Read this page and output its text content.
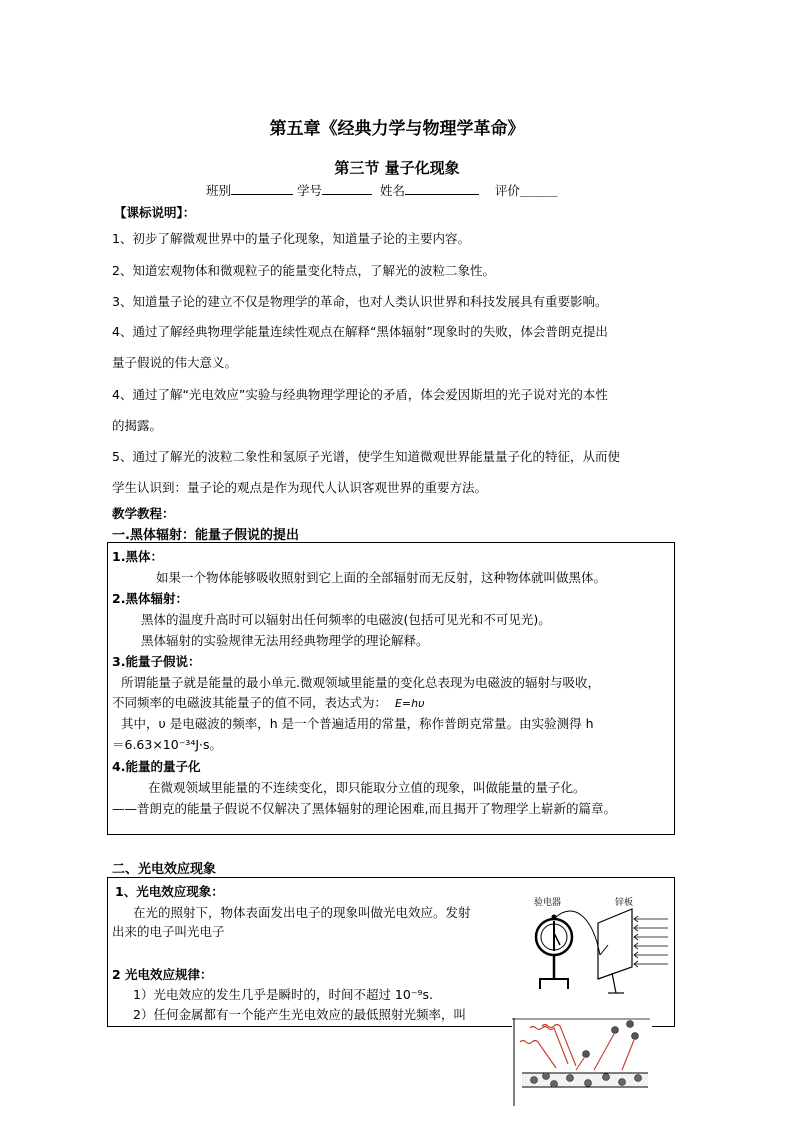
第五章《经典力学与物理学革命》
第三节 量子化现象
班别	学号	姓名	评价＿＿＿
【课标说明】：
1、初步了解微观世界中的量子化现象，知道量子论的主要内容。
2、知道宏观物体和微观粒子的能量变化特点，了解光的波粒二象性。
3、知道量子论的建立不仅是物理学的革命，也对人类认识世界和科技发展具有重要影响。
4、通过了解经典物理学能量连续性观点在解释“黑体辐射”现象时的失败，体会普朗克提出
量子假说的伟大意义。
4、通过了解“光电效应”实验与经典物理学理论的矛盾，体会爱因斯坦的光子说对光的本性
的揭露。
5、通过了解光的波粒二象性和氢原子光谱，使学生知道微观世界能量量子化的特征，从而使
学生认识到：量子论的观点是作为现代人认识客观世界的重要方法。
教学教程：
一.黑体辐射：能量子假说的提出
1.黑体：
如果一个物体能够吸收照射到它上面的全部辐射而无反射，这种物体就叫做黑体。
2.黑体辐射：
黑体的温度升高时可以辐射出任何频率的电磁波(包括可见光和不可见光)。
黑体辐射的实验规律无法用经典物理学的理论解释。
3.能量子假说：
所谓能量子就是能量的最小单元.微观领域里能量的变化总表现为电磁波的辐射与吸收，
不同频率的电磁波其能量子的值不同，表达式为： E=hυ
其中，υ 是电磁波的频率，h 是一个普遍适用的常量，称作普朗克常量。由实验测得 h
＝6.63×10⁻³⁴J·s。
4.能量的量子化
在微观领域里能量的不连续变化，即只能取分立值的现象，叫做能量的量子化。
——普朗克的能量子假说不仅解决了黑体辐射的理论困难,而且揭开了物理学上崭新的篇章。
二、光电效应现象
1、光电效应现象：
在光的照射下，物体表面发出电子的现象叫做光电效应。发射
出来的电子叫光电子
2 光电效应规律：
1）光电效应的发生几乎是瞬时的，时间不超过 10⁻⁹s.
2）任何金属都有一个能产生光电效应的最低照射光频率，叫
验电器	锌板
